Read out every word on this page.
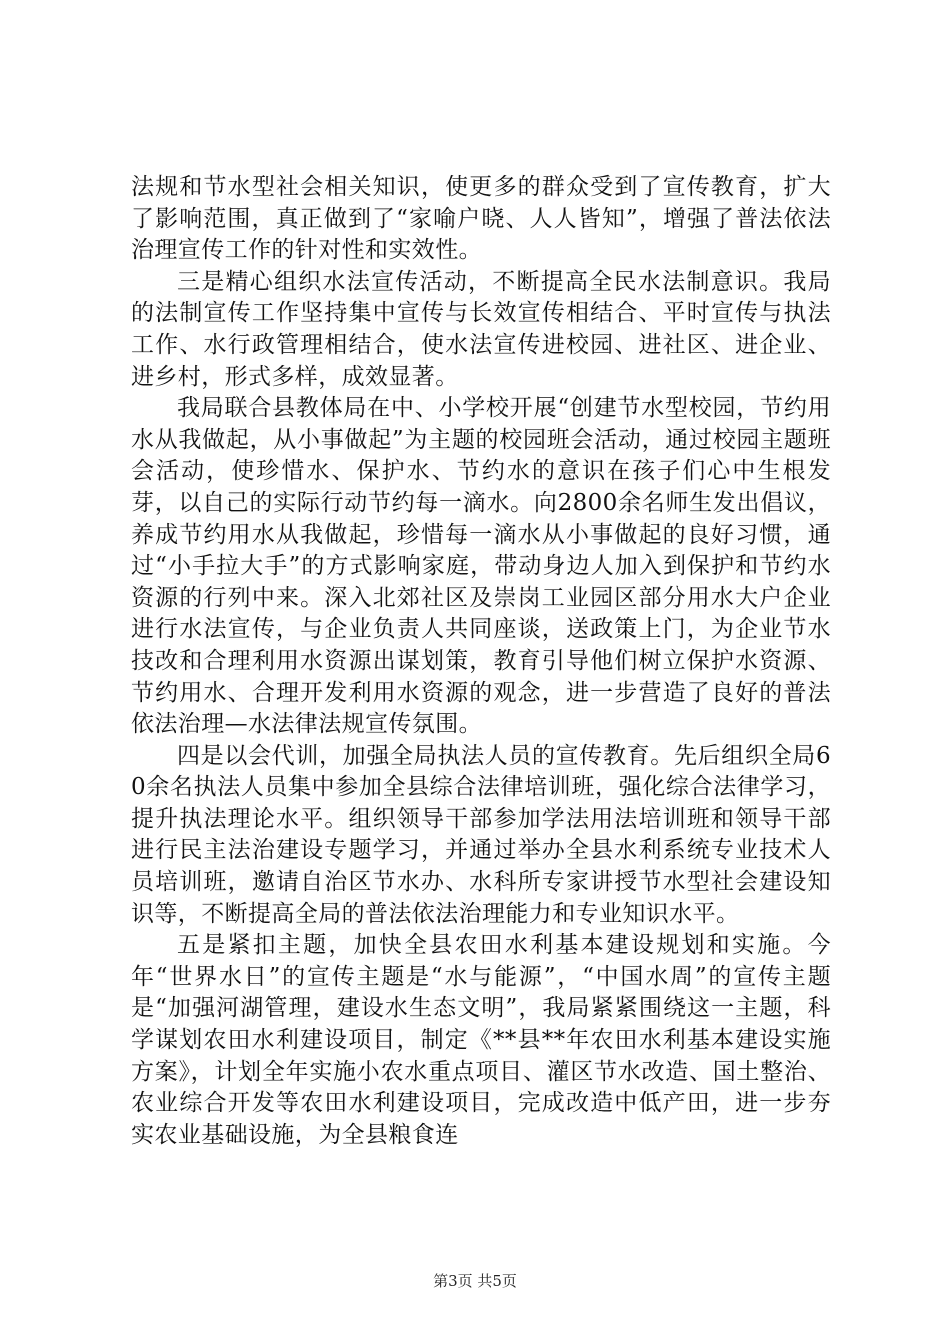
法规和节水型社会相关知识，使更多的群众受到了宣传教育，扩大了影响范围，真正做到了“家喻户晓、人人皆知”，增强了普法依法治理宣传工作的针对性和实效性。

三是精心组织水法宣传活动，不断提高全民水法制意识。我局的法制宣传工作坚持集中宣传与长效宣传相结合、平时宣传与执法工作、水行政管理相结合，使水法宣传进校园、进社区、进企业、进乡村，形式多样，成效显著。

我局联合县教体局在中、小学校开展“创建节水型校园，节约用水从我做起，从小事做起”为主题的校园班会活动，通过校园主题班会活动，使珍惜水、保护水、节约水的意识在孩子们心中生根发芽，以自己的实际行动节约每一滴水。向2800余名师生发出倡议，养成节约用水从我做起，珍惜每一滴水从小事做起的良好习惯，通过“小手拉大手”的方式影响家庭，带动身边人加入到保护和节约水资源的行列中来。深入北郊社区及崇岗工业园区部分用水大户企业进行水法宣传，与企业负责人共同座谈，送政策上门，为企业节水技改和合理利用水资源出谋划策，教育引导他们树立保护水资源、节约用水、合理开发利用水资源的观念，进一步营造了良好的普法依法治理—水法律法规宣传氛围。

四是以会代训，加强全局执法人员的宣传教育。先后组织全局60余名执法人员集中参加全县综合法律培训班，强化综合法律学习，提升执法理论水平。组织领导干部参加学法用法培训班和领导干部进行民主法治建设专题学习，并通过举办全县水利系统专业技术人员培训班，邀请自治区节水办、水科所专家讲授节水型社会建设知识等，不断提高全局的普法依法治理能力和专业知识水平。

五是紧扣主题，加快全县农田水利基本建设规划和实施。今年“世界水日”的宣传主题是“水与能源”，“中国水周”的宣传主题是“加强河湖管理，建设水生态文明”，我局紧紧围绕这一主题，科学谋划农田水利建设项目，制定《**县**年农田水利基本建设实施方案》，计划全年实施小农水重点项目、灌区节水改造、国土整治、农业综合开发等农田水利建设项目，完成改造中低产田，进一步夯实农业基础设施，为全县粮食连

第3页 共5页
